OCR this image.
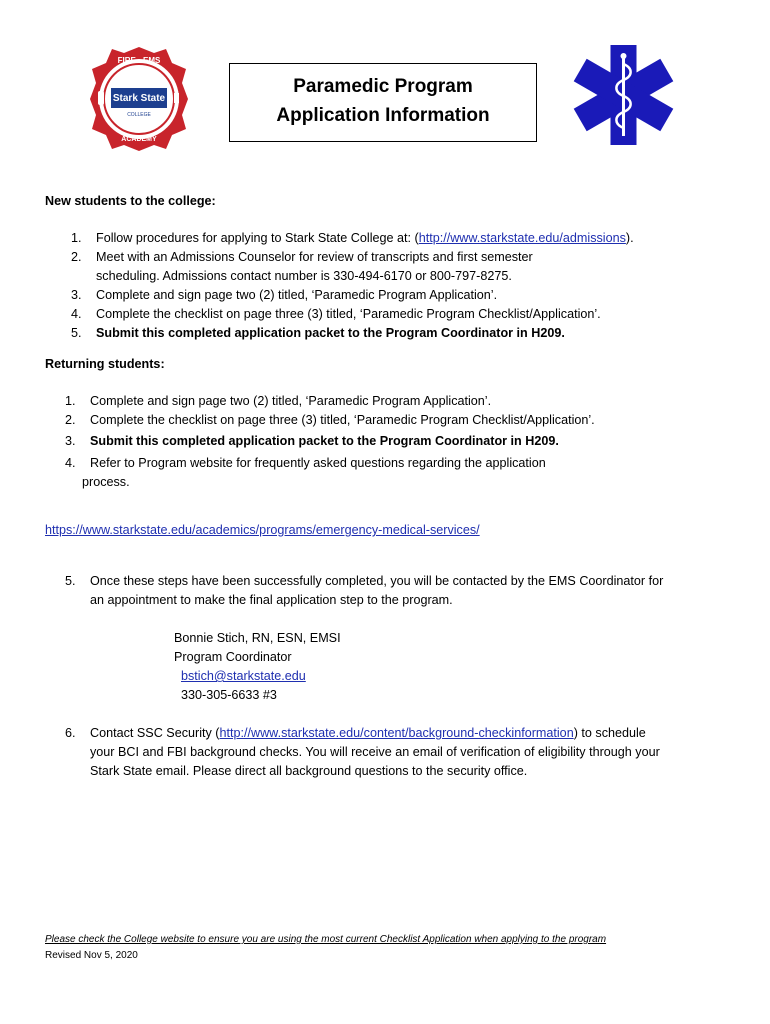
Stark State
COLLEGE
FIRE · EMS
ACADEMY
Paramedic Program
Application Information
New students to the college:
1. Follow procedures for applying to Stark State College at: (http://www.starkstate.edu/admissions).
2. Meet with an Admissions Counselor for review of transcripts and first semester
scheduling. Admissions contact number is 330-494-6170 or 800-797-8275.
3. Complete and sign page two (2) titled, ‘Paramedic Program Application’.
4. Complete the checklist on page three (3) titled, ‘Paramedic Program Checklist/Application’.
5. Submit this completed application packet to the Program Coordinator in H209.
Returning students:
1. Complete and sign page two (2) titled, ‘Paramedic Program Application’.
2. Complete the checklist on page three (3) titled, ‘Paramedic Program Checklist/Application’.
3. Submit this completed application packet to the Program Coordinator in H209.
4. Refer to Program website for frequently asked questions regarding the application
process.
https://www.starkstate.edu/academics/programs/emergency-medical-services/
5. Once these steps have been successfully completed, you will be contacted by the EMS Coordinator for
an appointment to make the final application step to the program.
Bonnie Stich, RN, ESN, EMSI
Program Coordinator
bstich@starkstate.edu
330-305-6633 #3
6. Contact SSC Security (http://www.starkstate.edu/content/background-checkinformation) to schedule
your BCI and FBI background checks. You will receive an email of verification of eligibility through your
Stark State email. Please direct all background questions to the security office.
Please check the College website to ensure you are using the most current Checklist Application when applying to the program
Revised Nov 5, 2020
